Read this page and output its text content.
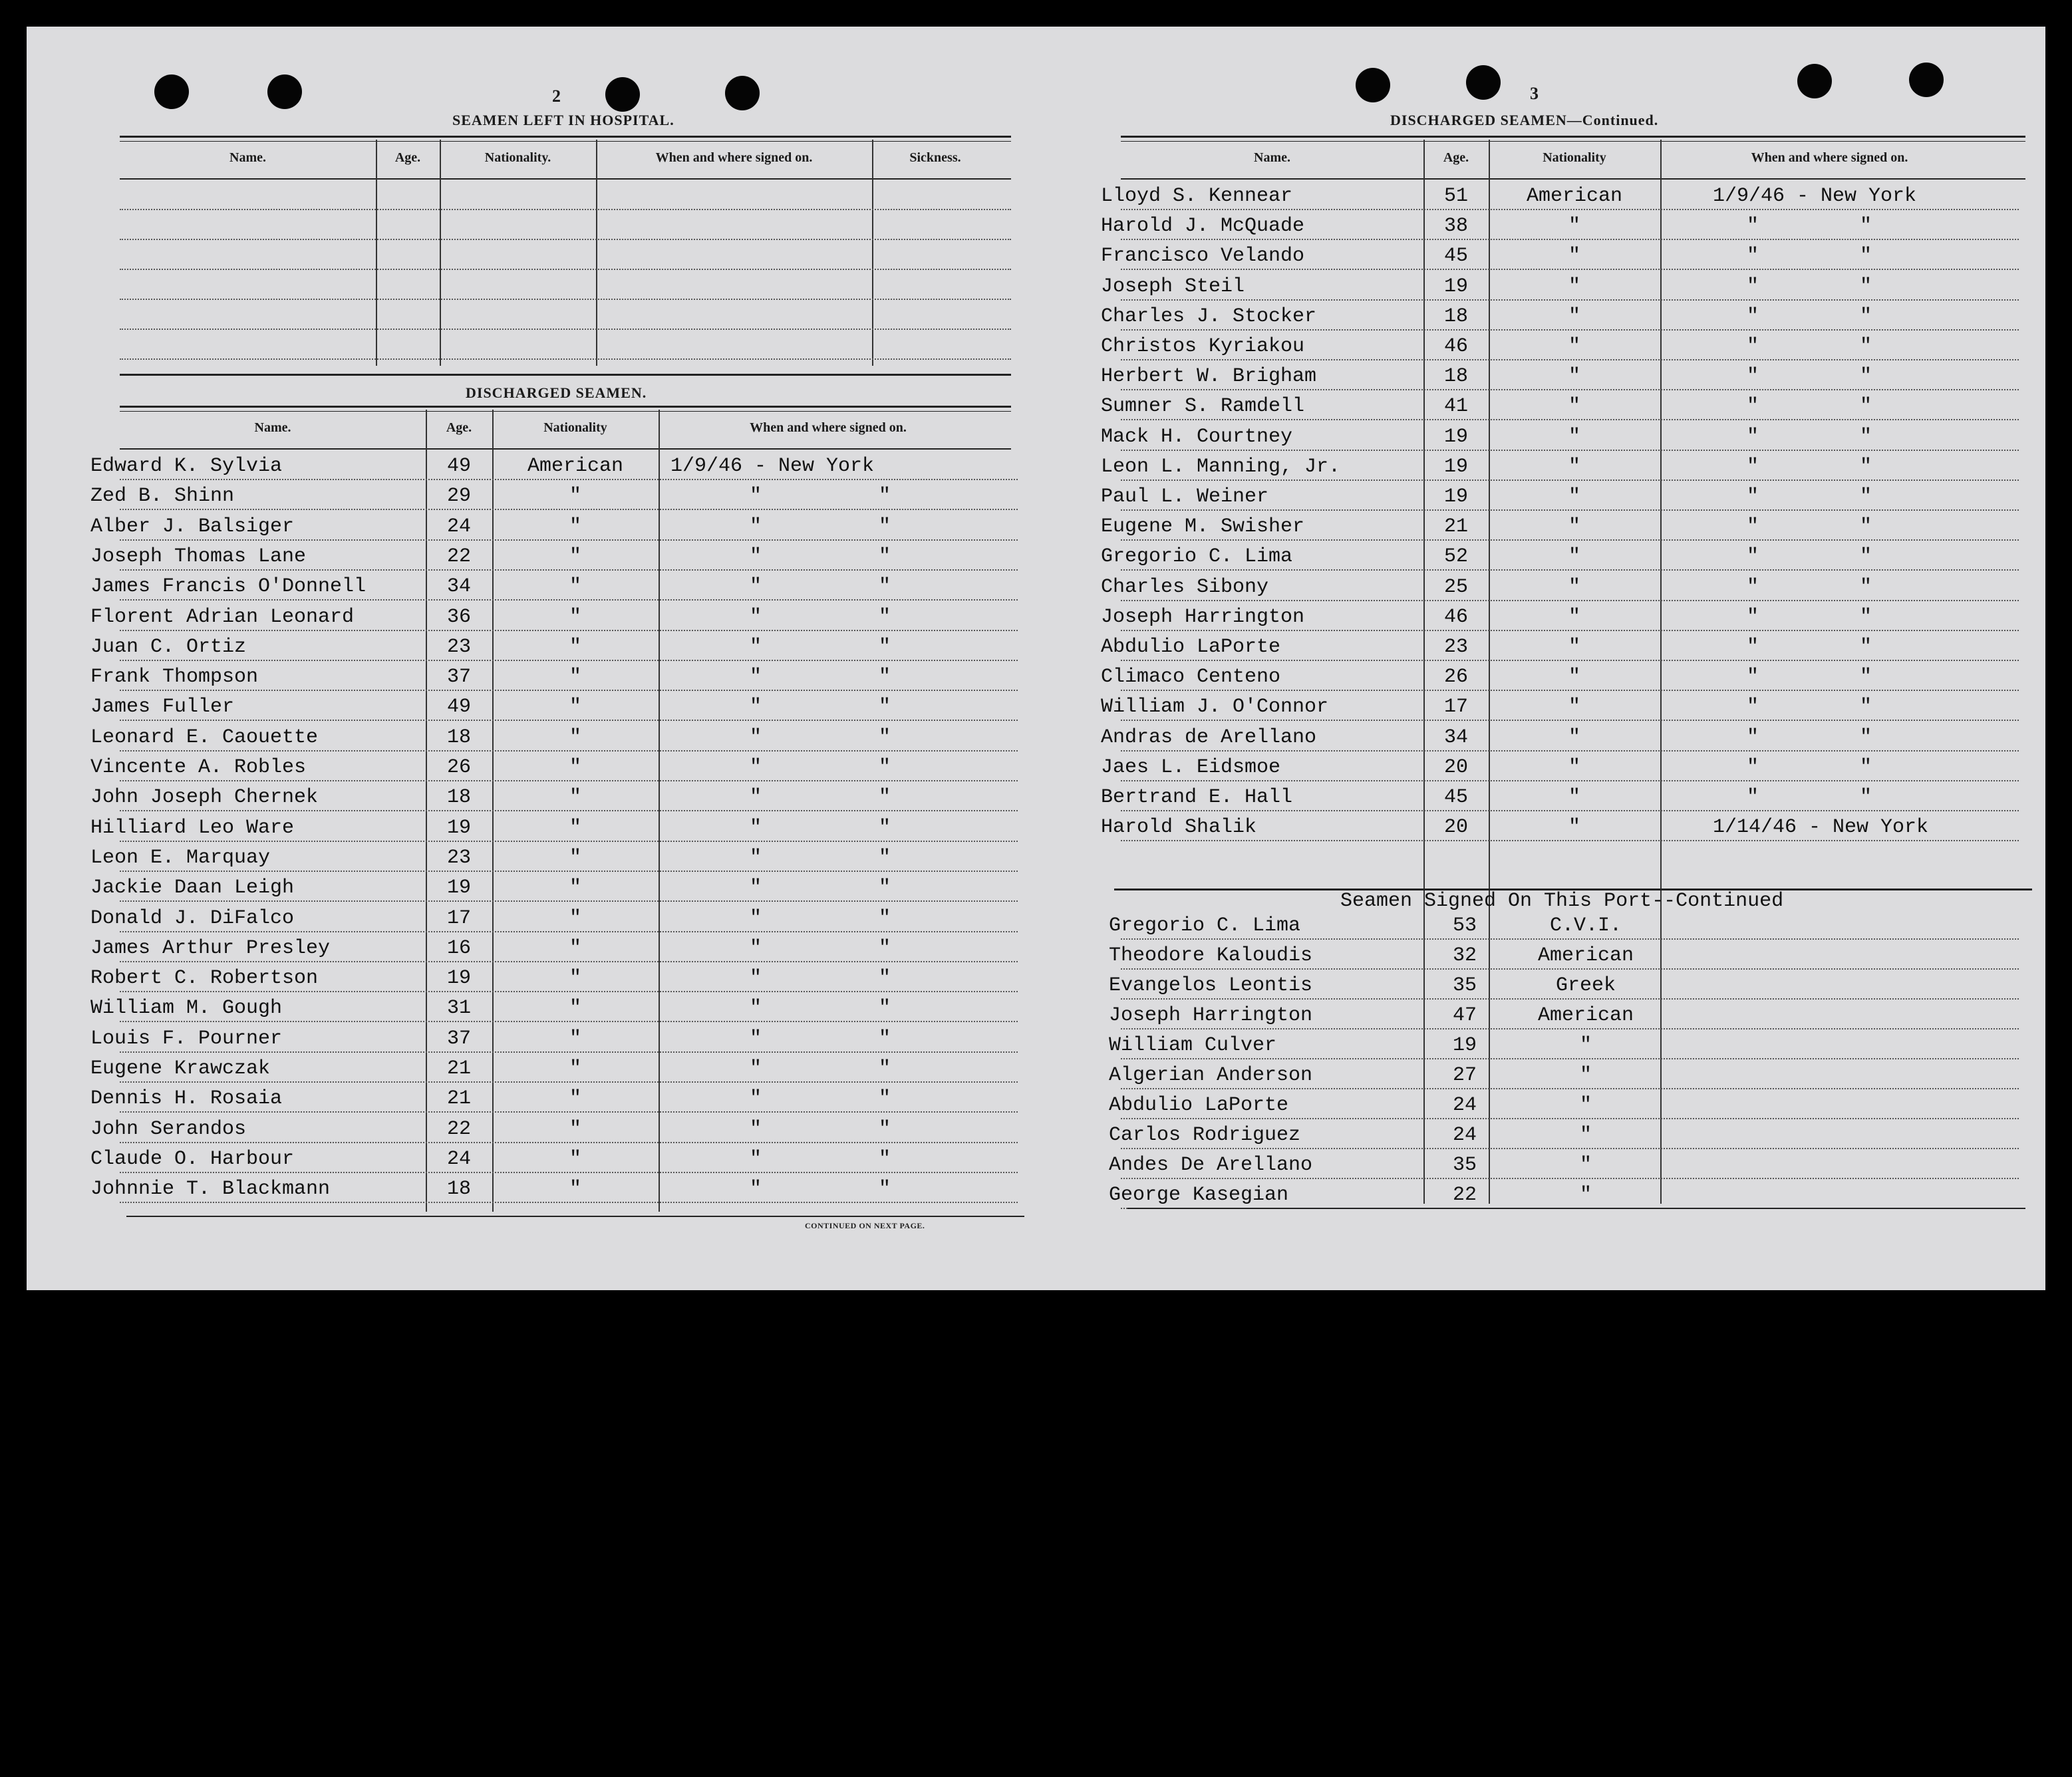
2
SEAMEN LEFT IN HOSPITAL.
Name.	Age.	Nationality.	When and where signed on.	Sickness.
DISCHARGED SEAMEN.
Name.	Age.	Nationality	When and where signed on.
Edward K. Sylvia	49	American	1/9/46 - New York
Zed B. Shinn	29	"	"	"
Alber J. Balsiger	24	"	"	"
Joseph Thomas Lane	22	"	"	"
James Francis O'Donnell	34	"	"	"
Florent Adrian Leonard	36	"	"	"
Juan C. Ortiz	23	"	"	"
Frank Thompson	37	"	"	"
James Fuller	49	"	"	"
Leonard E. Caouette	18	"	"	"
Vincente A. Robles	26	"	"	"
John Joseph Chernek	18	"	"	"
Hilliard Leo Ware	19	"	"	"
Leon E. Marquay	23	"	"	"
Jackie Daan Leigh	19	"	"	"
Donald J. DiFalco	17	"	"	"
James Arthur Presley	16	"	"	"
Robert C. Robertson	19	"	"	"
William M. Gough	31	"	"	"
Louis F. Pourner	37	"	"	"
Eugene Krawczak	21	"	"	"
Dennis H. Rosaia	21	"	"	"
John Serandos	22	"	"	"
Claude O. Harbour	24	"	"	"
Johnnie T. Blackmann	18	"	"	"
CONTINUED ON NEXT PAGE.
3
DISCHARGED SEAMEN—Continued.
Name.	Age.	Nationality	When and where signed on.
Lloyd S. Kennear	51	American	1/9/46 - New York
Harold J. McQuade	38	"	"	"
Francisco Velando	45	"	"	"
Joseph Steil	19	"	"	"
Charles J. Stocker	18	"	"	"
Christos Kyriakou	46	"	"	"
Herbert W. Brigham	18	"	"	"
Sumner S. Ramdell	41	"	"	"
Mack H. Courtney	19	"	"	"
Leon L. Manning, Jr.	19	"	"	"
Paul L. Weiner	19	"	"	"
Eugene M. Swisher	21	"	"	"
Gregorio C. Lima	52	"	"	"
Charles Sibony	25	"	"	"
Joseph Harrington	46	"	"	"
Abdulio LaPorte	23	"	"	"
Climaco Centeno	26	"	"	"
William J. O'Connor	17	"	"	"
Andras de Arellano	34	"	"	"
Jaes L. Eidsmoe	20	"	"	"
Bertrand E. Hall	45	"	"	"
Harold Shalik	20	"	1/14/46 - New York
Seamen Signed On This Port--Continued
Gregorio C. Lima	53	C.V.I.
Theodore Kaloudis	32	American
Evangelos Leontis	35	Greek
Joseph Harrington	47	American
William Culver	19	"
Algerian Anderson	27	"
Abdulio LaPorte	24	"
Carlos Rodriguez	24	"
Andes De Arellano	35	"
George Kasegian	22	"
